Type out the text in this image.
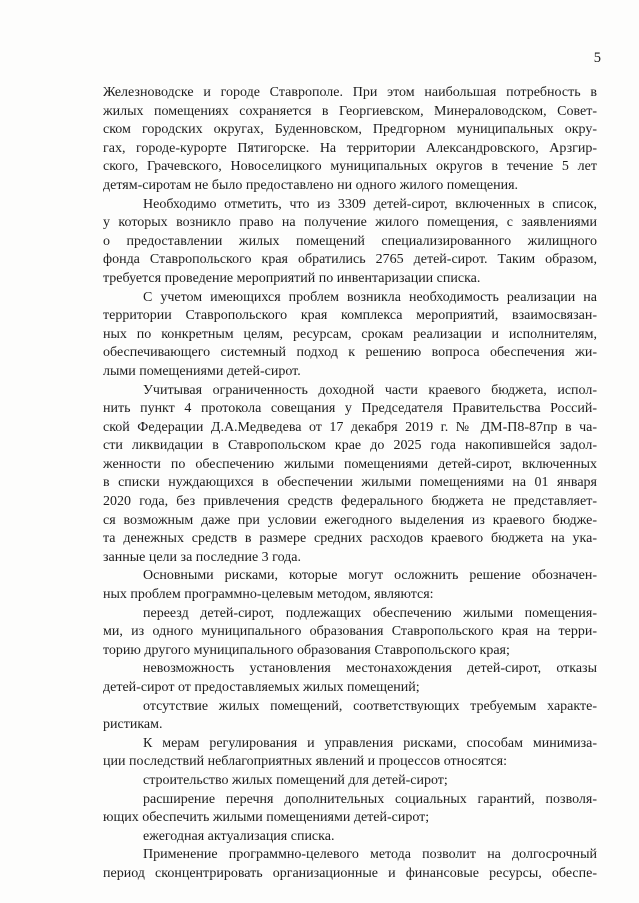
5
Железноводске и городе Ставрополе. При этом наибольшая потребность в
жилых помещениях сохраняется в Георгиевском, Минераловодском, Совет-
ском городских округах, Буденновском, Предгорном муниципальных окру-
гах, городе-курорте Пятигорске. На территории Александровского, Арзгир-
ского, Грачевского, Новоселицкого муниципальных округов в течение 5 лет
детям-сиротам не было предоставлено ни одного жилого помещения.
Необходимо отметить, что из 3309 детей-сирот, включенных в список,
у которых возникло право на получение жилого помещения, с заявлениями
о предоставлении жилых помещений специализированного жилищного
фонда Ставропольского края обратились 2765 детей-сирот. Таким образом,
требуется проведение мероприятий по инвентаризации списка.
С учетом имеющихся проблем возникла необходимость реализации на
территории Ставропольского края комплекса мероприятий, взаимосвязан-
ных по конкретным целям, ресурсам, срокам реализации и исполнителям,
обеспечивающего системный подход к решению вопроса обеспечения жи-
лыми помещениями детей-сирот.
Учитывая ограниченность доходной части краевого бюджета, испол-
нить пункт 4 протокола совещания у Председателя Правительства Россий-
ской Федерации Д.А.Медведева от 17 декабря 2019 г. № ДМ-П8-87пр в ча-
сти ликвидации в Ставропольском крае до 2025 года накопившейся задол-
женности по обеспечению жилыми помещениями детей-сирот, включенных
в списки нуждающихся в обеспечении жилыми помещениями на 01 января
2020 года, без привлечения средств федерального бюджета не представляет-
ся возможным даже при условии ежегодного выделения из краевого бюдже-
та денежных средств в размере средних расходов краевого бюджета на ука-
занные цели за последние 3 года.
Основными рисками, которые могут осложнить решение обозначен-
ных проблем программно-целевым методом, являются:
переезд детей-сирот, подлежащих обеспечению жилыми помещения-
ми, из одного муниципального образования Ставропольского края на терри-
торию другого муниципального образования Ставропольского края;
невозможность установления местонахождения детей-сирот, отказы
детей-сирот от предоставляемых жилых помещений;
отсутствие жилых помещений, соответствующих требуемым характе-
ристикам.
К мерам регулирования и управления рисками, способам минимиза-
ции последствий неблагоприятных явлений и процессов относятся:
строительство жилых помещений для детей-сирот;
расширение перечня дополнительных социальных гарантий, позволя-
ющих обеспечить жилыми помещениями детей-сирот;
ежегодная актуализация списка.
Применение программно-целевого метода позволит на долгосрочный
период сконцентрировать организационные и финансовые ресурсы, обеспе-
